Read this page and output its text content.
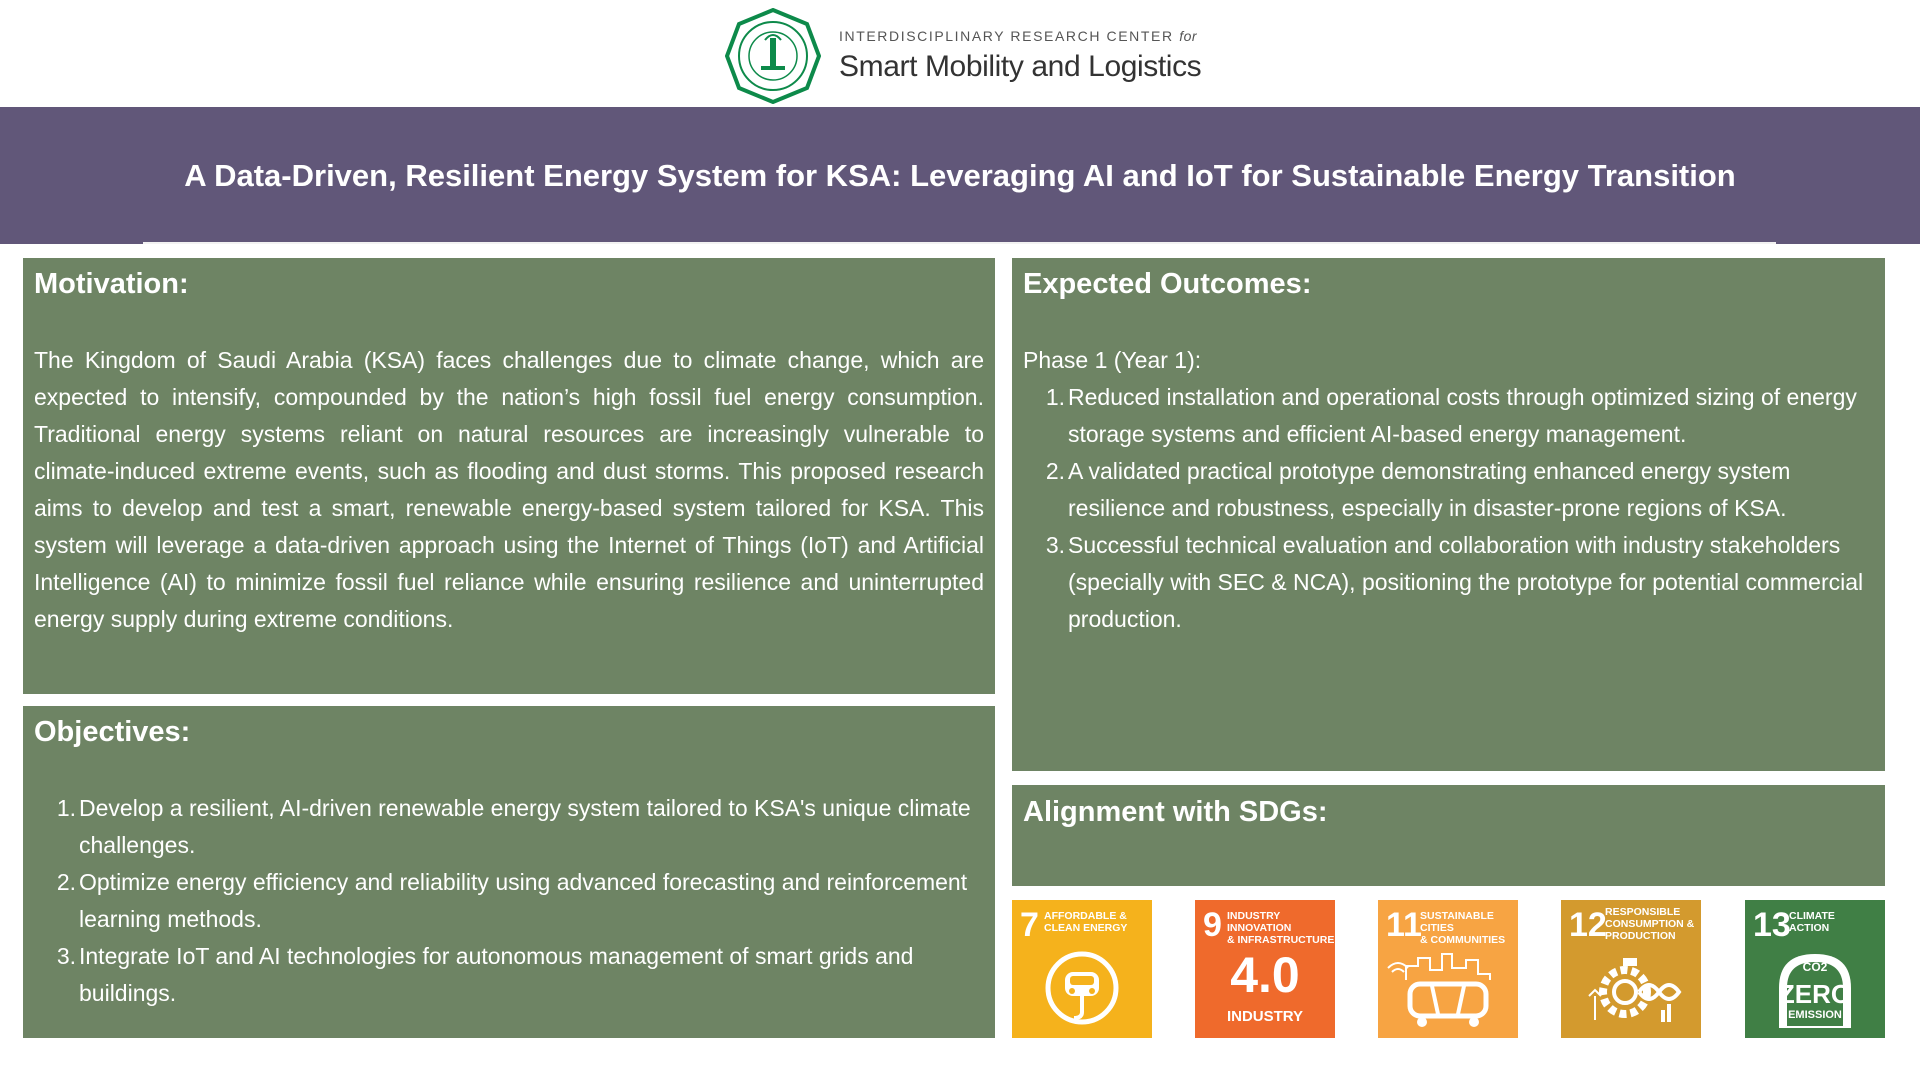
INTERDISCIPLINARY RESEARCH CENTER for
Smart Mobility and Logistics
A Data-Driven, Resilient Energy System for KSA: Leveraging AI and IoT for Sustainable Energy Transition
Motivation:
The Kingdom of Saudi Arabia (KSA) faces challenges due to climate change, which are expected to intensify, compounded by the nation’s high fossil fuel energy consumption. Traditional energy systems reliant on natural resources are increasingly vulnerable to climate-induced extreme events, such as flooding and dust storms. This proposed research aims to develop and test a smart, renewable energy-based system tailored for KSA. This system will leverage a data-driven approach using the Internet of Things (IoT) and Artificial Intelligence (AI) to minimize fossil fuel reliance while ensuring resilience and uninterrupted energy supply during extreme conditions.
Objectives:
1. Develop a resilient, AI-driven renewable energy system tailored to KSA's unique climate challenges.
2. Optimize energy efficiency and reliability using advanced forecasting and reinforcement learning methods.
3. Integrate IoT and AI technologies for autonomous management of smart grids and buildings.
Expected Outcomes:
Phase 1 (Year 1):
1. Reduced installation and operational costs through optimized sizing of energy storage systems and efficient AI-based energy management.
2. A validated practical prototype demonstrating enhanced energy system resilience and robustness, especially in disaster-prone regions of KSA.
3. Successful technical evaluation and collaboration with industry stakeholders (specially with SEC & NCA), positioning the prototype for potential commercial production.
Alignment with SDGs:
7 AFFORDABLE &
CLEAN ENERGY 9 INDUSTRY INNOVATION
& INFRASTRUCTURE
4.0
INDUSTRY
11
SUSTAINABLE CITIES
& COMMUNITIES	12
RESPONSIBLE
CONSUMPTION &
PRODUCTION	13
CLIMATE
ACTION
CO2
ZERO
EMISSION
